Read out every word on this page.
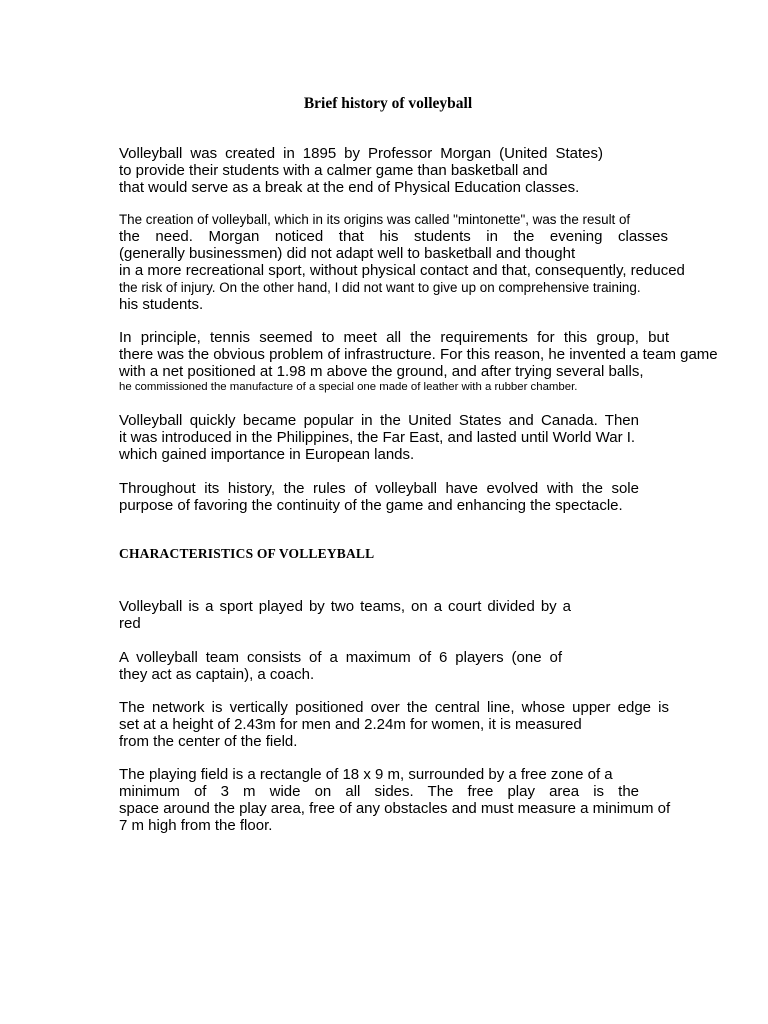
Brief history of volleyball
Volleyball was created in 1895 by Professor Morgan (United States)
to provide their students with a calmer game than basketball and
that would serve as a break at the end of Physical Education classes.
The creation of volleyball, which in its origins was called "mintonette", was the result of
the need. Morgan noticed that his students in the evening classes
(generally businessmen) did not adapt well to basketball and thought
in a more recreational sport, without physical contact and that, consequently, reduced
the risk of injury. On the other hand, I did not want to give up on comprehensive training.
his students.
In principle, tennis seemed to meet all the requirements for this group, but
there was the obvious problem of infrastructure. For this reason, he invented a team game
with a net positioned at 1.98 m above the ground, and after trying several balls,
he commissioned the manufacture of a special one made of leather with a rubber chamber.
Volleyball quickly became popular in the United States and Canada. Then
it was introduced in the Philippines, the Far East, and lasted until World War I.
which gained importance in European lands.
Throughout its history, the rules of volleyball have evolved with the sole
purpose of favoring the continuity of the game and enhancing the spectacle.
CHARACTERISTICS OF VOLLEYBALL
Volleyball is a sport played by two teams, on a court divided by a
red
A volleyball team consists of a maximum of 6 players (one of
they act as captain), a coach.
The network is vertically positioned over the central line, whose upper edge is
set at a height of 2.43m for men and 2.24m for women, it is measured
from the center of the field.
The playing field is a rectangle of 18 x 9 m, surrounded by a free zone of a
minimum of 3 m wide on all sides. The free play area is the
space around the play area, free of any obstacles and must measure a minimum of
7 m high from the floor.
